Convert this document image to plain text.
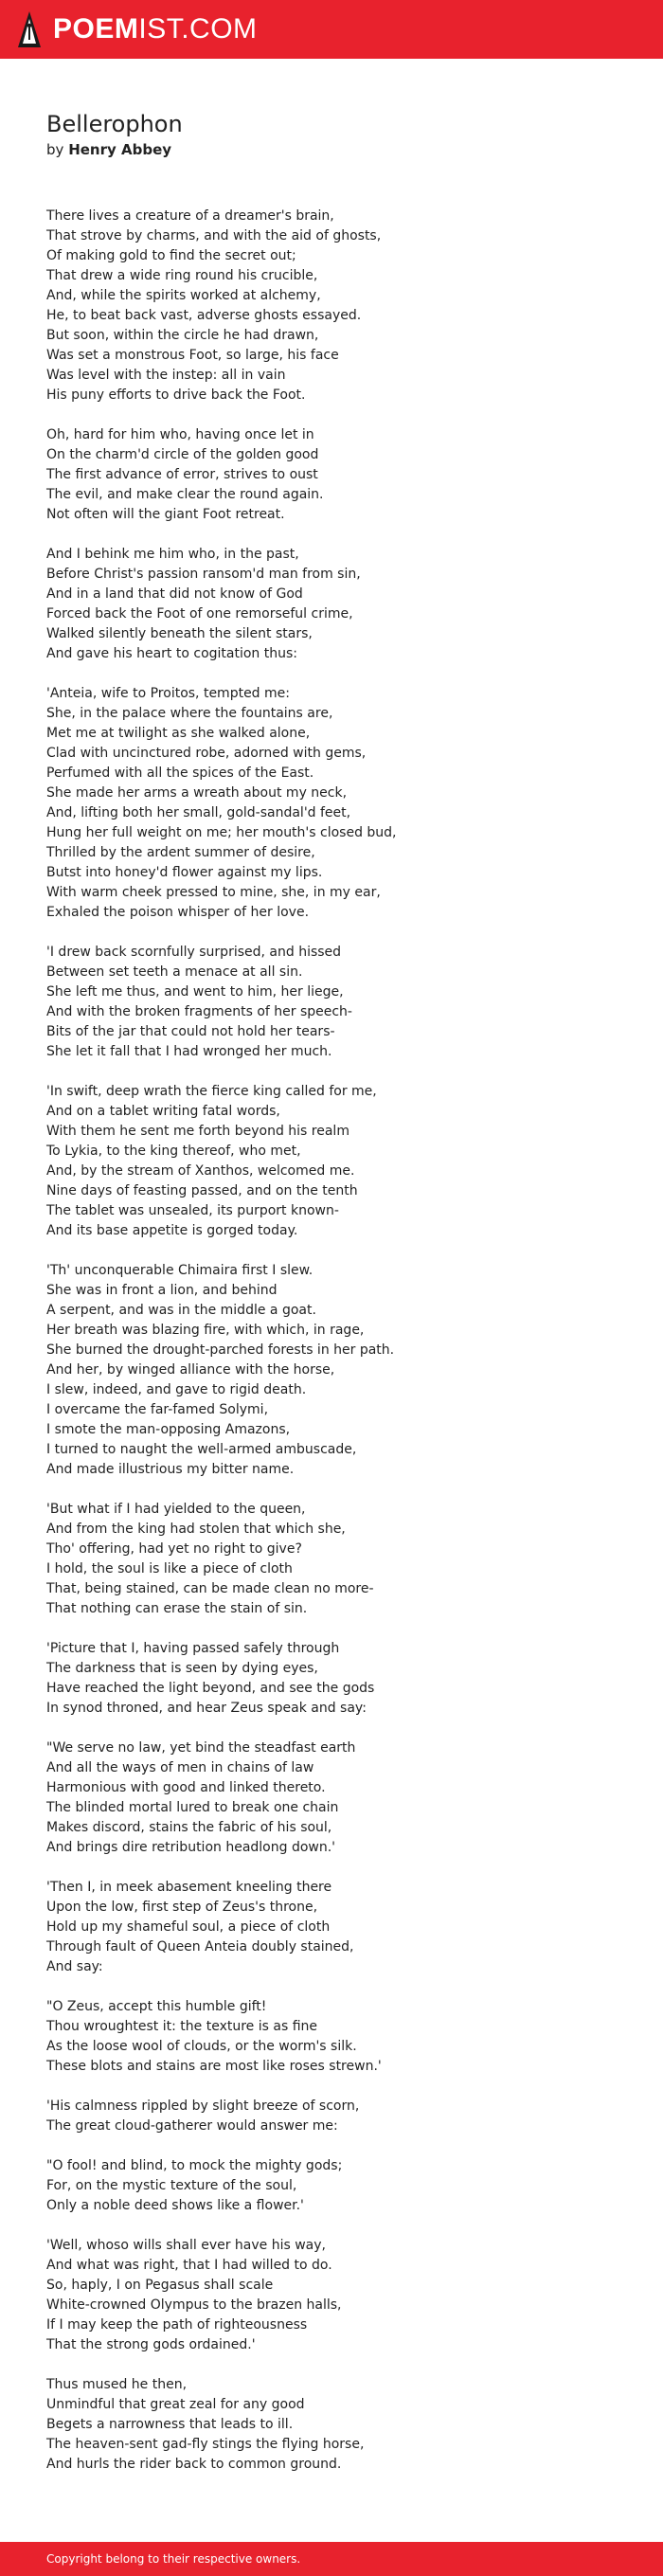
POEMIST.COM
Bellerophon
by Henry Abbey
There lives a creature of a dreamer's brain,
That strove by charms, and with the aid of ghosts,
Of making gold to find the secret out;
That drew a wide ring round his crucible,
And, while the spirits worked at alchemy,
He, to beat back vast, adverse ghosts essayed.
But soon, within the circle he had drawn,
Was set a monstrous Foot, so large, his face
Was level with the instep: all in vain
His puny efforts to drive back the Foot.
Oh, hard for him who, having once let in
On the charm'd circle of the golden good
The first advance of error, strives to oust
The evil, and make clear the round again.
Not often will the giant Foot retreat.
And I behink me him who, in the past,
Before Christ's passion ransom'd man from sin,
And in a land that did not know of God
Forced back the Foot of one remorseful crime,
Walked silently beneath the silent stars,
And gave his heart to cogitation thus:
'Anteia, wife to Proitos, tempted me:
She, in the palace where the fountains are,
Met me at twilight as she walked alone,
Clad with uncinctured robe, adorned with gems,
Perfumed with all the spices of the East.
She made her arms a wreath about my neck,
And, lifting both her small, gold-sandal'd feet,
Hung her full weight on me; her mouth's closed bud,
Thrilled by the ardent summer of desire,
Butst into honey'd flower against my lips.
With warm cheek pressed to mine, she, in my ear,
Exhaled the poison whisper of her love.
'I drew back scornfully surprised, and hissed
Between set teeth a menace at all sin.
She left me thus, and went to him, her liege,
And with the broken fragments of her speech-
Bits of the jar that could not hold her tears-
She let it fall that I had wronged her much.
'In swift, deep wrath the fierce king called for me,
And on a tablet writing fatal words,
With them he sent me forth beyond his realm
To Lykia, to the king thereof, who met,
And, by the stream of Xanthos, welcomed me.
Nine days of feasting passed, and on the tenth
The tablet was unsealed, its purport known-
And its base appetite is gorged today.
'Th' unconquerable Chimaira first I slew.
She was in front a lion, and behind
A serpent, and was in the middle a goat.
Her breath was blazing fire, with which, in rage,
She burned the drought-parched forests in her path.
And her, by winged alliance with the horse,
I slew, indeed, and gave to rigid death.
I overcame the far-famed Solymi,
I smote the man-opposing Amazons,
I turned to naught the well-armed ambuscade,
And made illustrious my bitter name.
'But what if I had yielded to the queen,
And from the king had stolen that which she,
Tho' offering, had yet no right to give?
I hold, the soul is like a piece of cloth
That, being stained, can be made clean no more-
That nothing can erase the stain of sin.
'Picture that I, having passed safely through
The darkness that is seen by dying eyes,
Have reached the light beyond, and see the gods
In synod throned, and hear Zeus speak and say:
"We serve no law, yet bind the steadfast earth
And all the ways of men in chains of law
Harmonious with good and linked thereto.
The blinded mortal lured to break one chain
Makes discord, stains the fabric of his soul,
And brings dire retribution headlong down.'
'Then I, in meek abasement kneeling there
Upon the low, first step of Zeus's throne,
Hold up my shameful soul, a piece of cloth
Through fault of Queen Anteia doubly stained,
And say:
"O Zeus, accept this humble gift!
Thou wroughtest it: the texture is as fine
As the loose wool of clouds, or the worm's silk.
These blots and stains are most like roses strewn.'
'His calmness rippled by slight breeze of scorn,
The great cloud-gatherer would answer me:
"O fool! and blind, to mock the mighty gods;
For, on the mystic texture of the soul,
Only a noble deed shows like a flower.'
'Well, whoso wills shall ever have his way,
And what was right, that I had willed to do.
So, haply, I on Pegasus shall scale
White-crowned Olympus to the brazen halls,
If I may keep the path of righteousness
That the strong gods ordained.'
Thus mused he then,
Unmindful that great zeal for any good
Begets a narrowness that leads to ill.
The heaven-sent gad-fly stings the flying horse,
And hurls the rider back to common ground.
Copyright belong to their respective owners.
